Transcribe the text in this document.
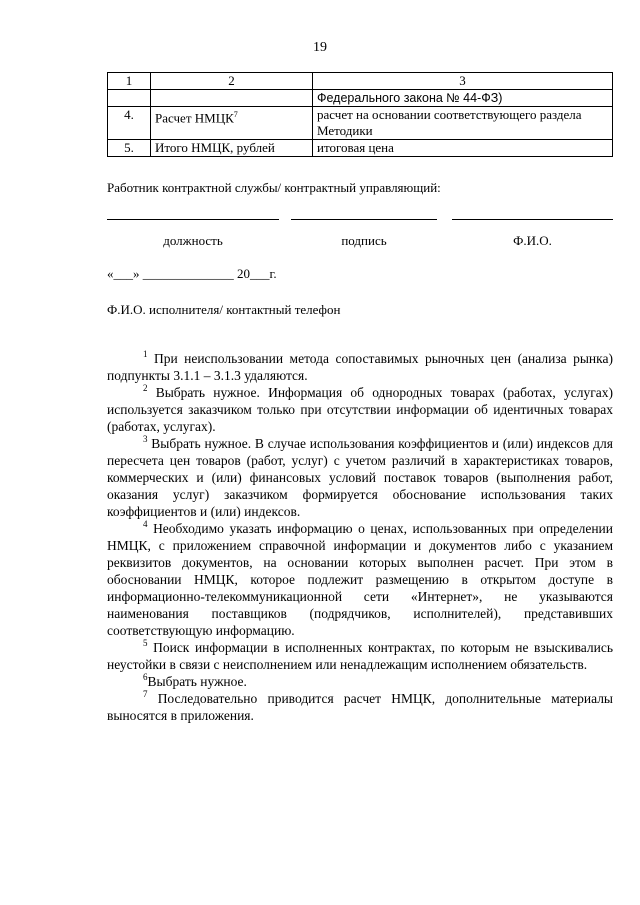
19
1	2	3
		Федерального закона № 44-ФЗ)
4.	Расчет НМЦК$^7$	расчет на основании соответствующего раздела Методики
5.	Итого НМЦК, рублей	итоговая цена
Работник контрактной службы/ контрактный управляющий:
должность	подпись	Ф.И.О.
«___» ______________ 20___г.
Ф.И.О. исполнителя/ контактный телефон

$^1$ При неиспользовании метода сопоставимых рыночных цен (анализа рынка) подпункты 3.1.1 – 3.1.3 удаляются.

$^2$ Выбрать нужное. Информация об однородных товарах (работах, услугах) используется заказчиком только при отсутствии информации об идентичных товарах (работах, услугах).

$^3$ Выбрать нужное. В случае использования коэффициентов и (или) индексов для пересчета цен товаров (работ, услуг) с учетом различий в характеристиках товаров, коммерческих и (или) финансовых условий поставок товаров (выполнения работ, оказания услуг) заказчиком формируется обоснование использования таких коэффициентов и (или) индексов.

$^4$ Необходимо указать информацию о ценах, использованных при определении НМЦК, с приложением справочной информации и документов либо с указанием реквизитов документов, на основании которых выполнен расчет. При этом в обосновании НМЦК, которое подлежит размещению в открытом доступе в информационно-телекоммуникационной сети «Интернет», не указываются наименования поставщиков (подрядчиков, исполнителей), представивших соответствующую информацию.

$^5$ Поиск информации в исполненных контрактах, по которым не взыскивались неустойки в связи с неисполнением или ненадлежащим исполнением обязательств.

$^6$Выбрать нужное.

$^7$ Последовательно приводится расчет НМЦК, дополнительные материалы выносятся в приложения.
